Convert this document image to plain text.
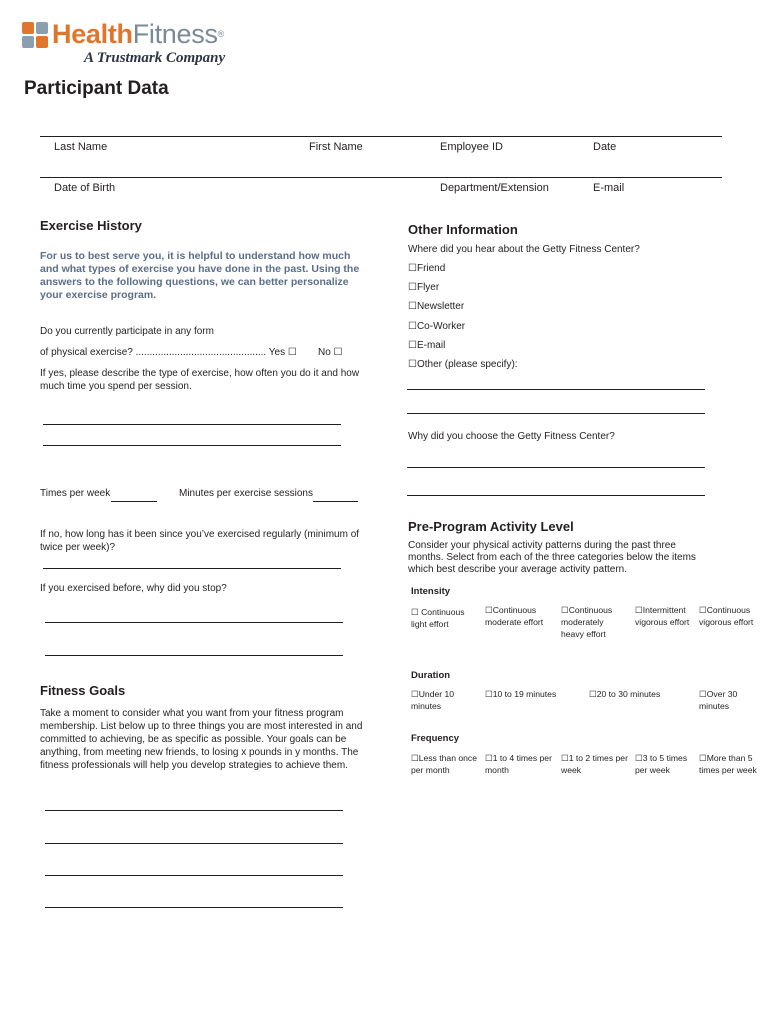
HealthFitness®
A Trustmark Company
Participant Data
Last Name	First Name	Employee ID	Date
Date of Birth	Department/Extension	E-mail
Exercise History
For us to best serve you, it is helpful to understand how much and what types of exercise you have done in the past. Using the answers to the following questions, we can better personalize your exercise program.
Do you currently participate in any form
of physical exercise? ............................................... Yes ☐ No ☐
If yes, please describe the type of exercise, how often you do it and how much time you spend per session.
Times per week	Minutes per exercise sessions
If no, how long has it been since you’ve exercised regularly (minimum of twice per week)?
If you exercised before, why did you stop?
Fitness Goals
Take a moment to consider what you want from your fitness program membership. List below up to three things you are most interested in and committed to achieving, be as specific as possible. Your goals can be anything, from meeting new friends, to losing x pounds in y months. The fitness professionals will help you develop strategies to achieve them.
Other Information
Where did you hear about the Getty Fitness Center?
☐Friend
☐Flyer
☐Newsletter
☐Co-Worker
☐E-mail
☐Other (please specify):
Why did you choose the Getty Fitness Center?
Pre-Program Activity Level
Consider your physical activity patterns during the past three months. Select from each of the three categories below the items which best describe your average activity pattern.
Intensity
☐ Continuous light effort
☐Continuous moderate effort
☐Continuous moderately heavy effort
☐Intermittent vigorous effort
☐Continuous vigorous effort
Duration
☐Under 10 minutes
☐10 to 19 minutes	☐20 to 30 minutes	☐Over 30 minutes
Frequency
☐Less than once per month
☐1 to 4 times per month
☐1 to 2 times per week
☐3 to 5 times per week
☐More than 5 times per week
